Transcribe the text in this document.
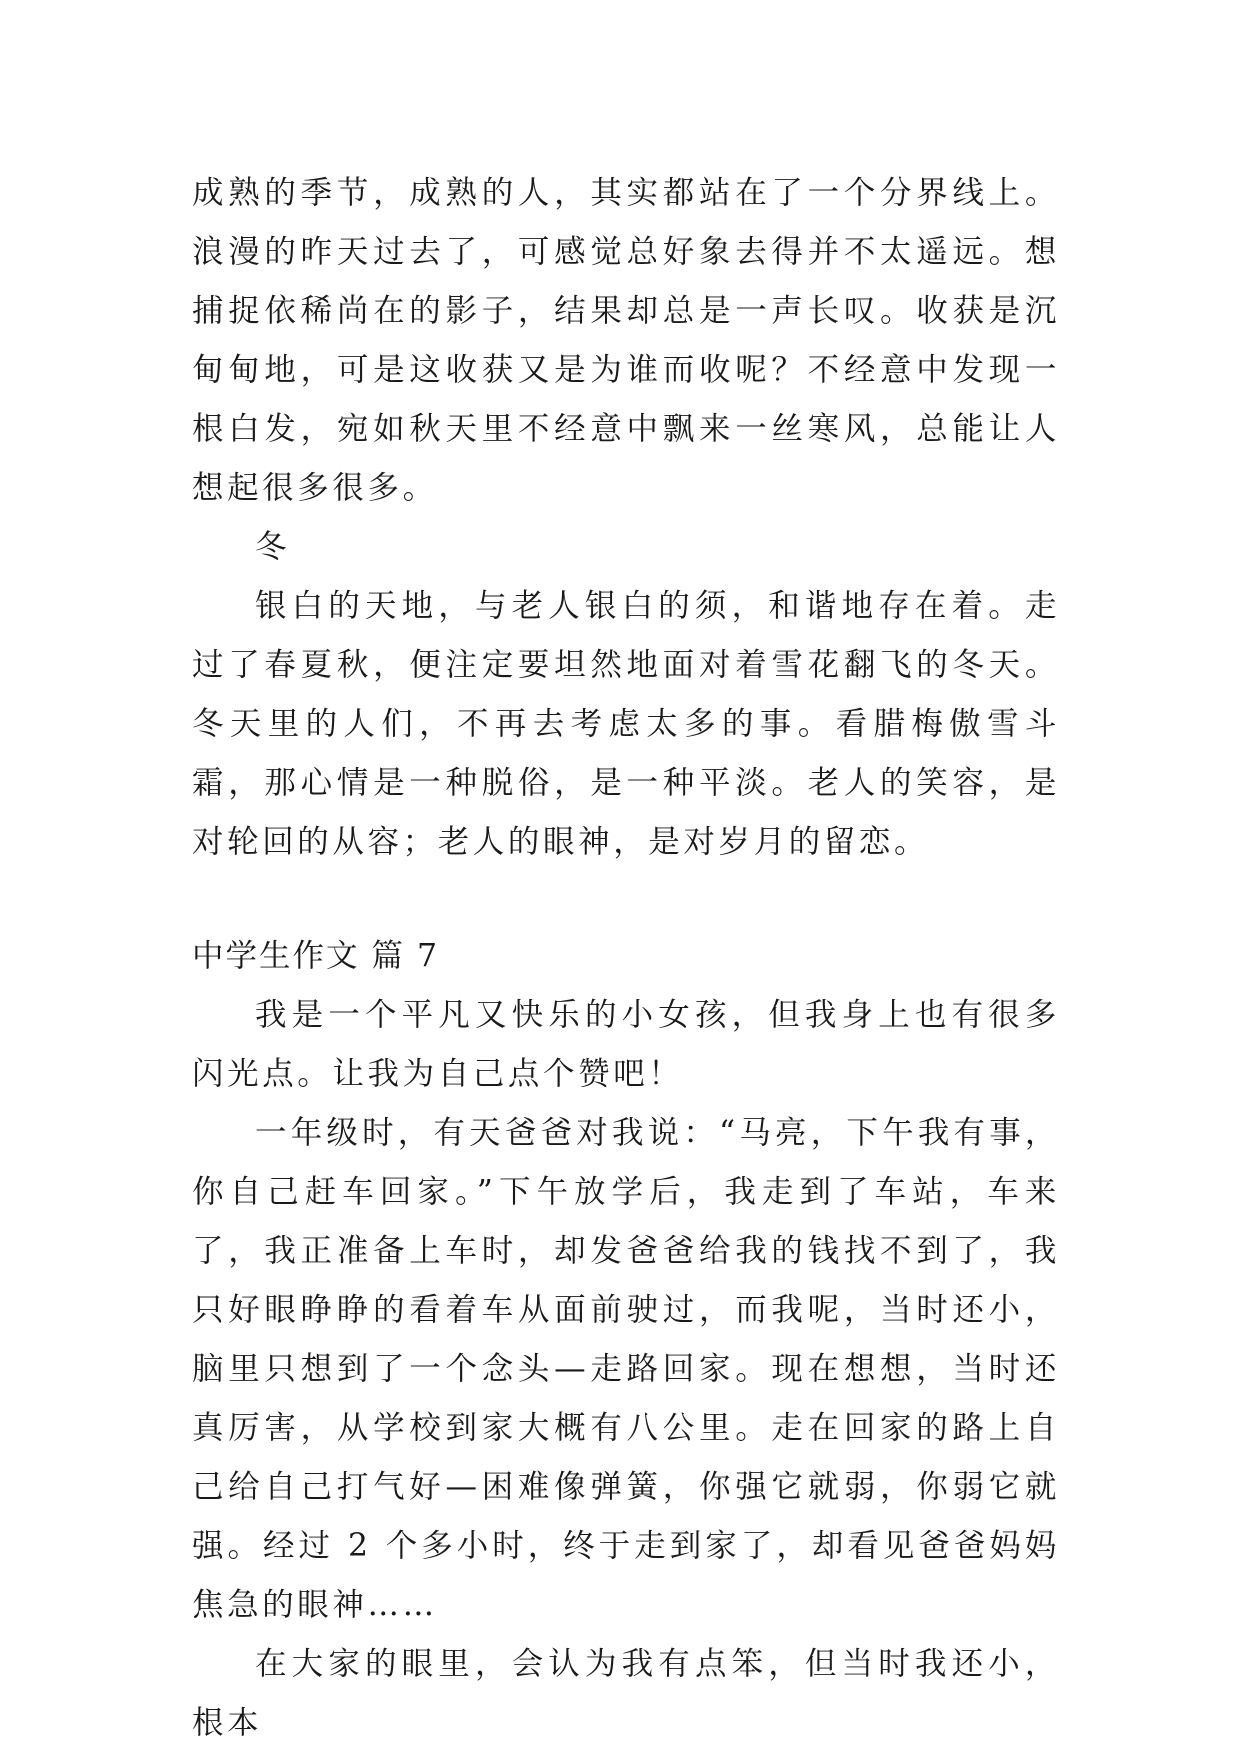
成熟的季节，成熟的人，其实都站在了一个分界线上。浪漫的昨天过去了，可感觉总好象去得并不太遥远。想捕捉依稀尚在的影子，结果却总是一声长叹。收获是沉甸甸地，可是这收获又是为谁而收呢？不经意中发现一根白发，宛如秋天里不经意中飘来一丝寒风，总能让人想起很多很多。

冬

银白的天地，与老人银白的须，和谐地存在着。走过了春夏秋，便注定要坦然地面对着雪花翻飞的冬天。冬天里的人们，不再去考虑太多的事。看腊梅傲雪斗霜，那心情是一种脱俗，是一种平淡。老人的笑容，是对轮回的从容；老人的眼神，是对岁月的留恋。

中学生作文 篇 7

我是一个平凡又快乐的小女孩，但我身上也有很多闪光点。让我为自己点个赞吧！

一年级时，有天爸爸对我说：“马亮，下午我有事，你自己赶车回家。”下午放学后，我走到了车站，车来了，我正准备上车时，却发爸爸给我的钱找不到了，我只好眼睁睁的看着车从面前驶过，而我呢，当时还小，脑里只想到了一个念头—走路回家。现在想想，当时还真厉害，从学校到家大概有八公里。走在回家的路上自己给自己打气好—困难像弹簧，你强它就弱，你弱它就强。经过 2 个多小时，终于走到家了，却看见爸爸妈妈焦急的眼神……

在大家的眼里，会认为我有点笨，但当时我还小，根本
